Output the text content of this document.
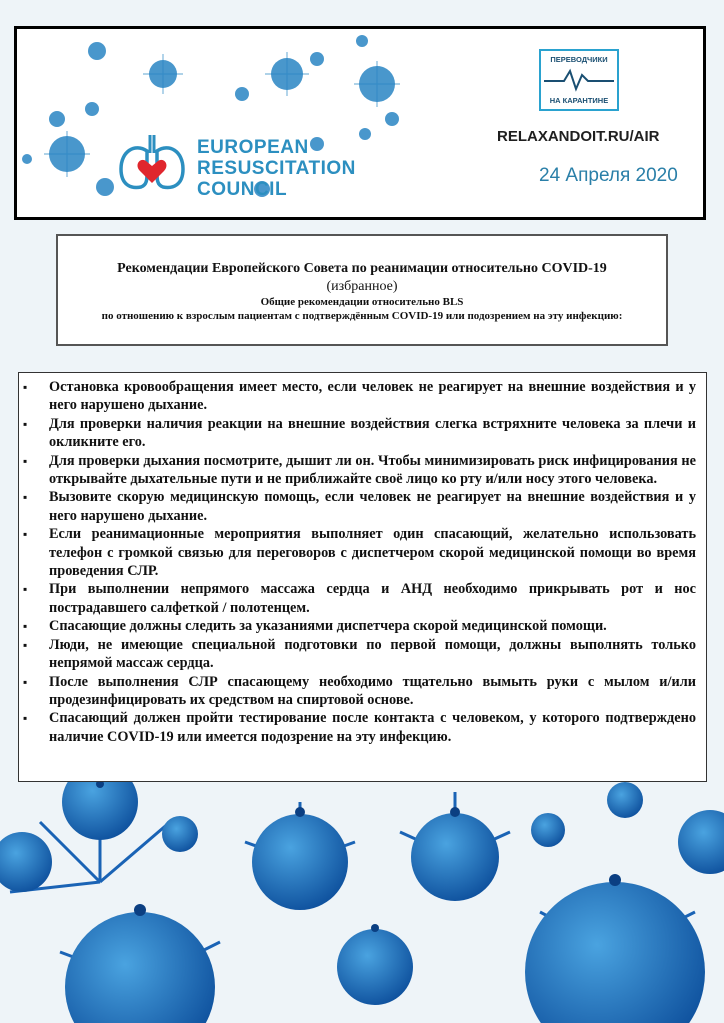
EUROPEAN
RESUSCITATION
COUNCIL
ПЕРЕВОДЧИКИ
НА КАРАНТИНЕ
RELAXANDOIT.RU/AIR
24 Апреля 2020
Рекомендации Европейского Совета по реанимации относительно COVID-19
(избранное)
Общие рекомендации относительно BLS
по отношению к взрослым пациентам с подтверждённым COVID-19 или подозрением на эту инфекцию:
▪ Остановка кровообращения имеет место, если человек не реагирует на внешние воздействия и у него нарушено дыхание.
▪ Для проверки наличия реакции на внешние воздействия слегка встряхните человека за плечи и окликните его.
▪ Для проверки дыхания посмотрите, дышит ли он. Чтобы минимизировать риск инфицирования не открывайте дыхательные пути и не приближайте своё лицо ко рту и/или носу этого человека.
▪ Вызовите скорую медицинскую помощь, если человек не реагирует на внешние воздействия и у него нарушено дыхание.
▪ Если реанимационные мероприятия выполняет один спасающий, желательно использовать телефон с громкой связью для переговоров с диспетчером скорой медицинской помощи во время проведения СЛР.
▪ При выполнении непрямого массажа сердца и АНД необходимо прикрывать рот и нос пострадавшего салфеткой / полотенцем.
▪ Спасающие должны следить за указаниями диспетчера скорой медицинской помощи.
▪ Люди, не имеющие специальной подготовки по первой помощи, должны выполнять только непрямой массаж сердца.
▪ После выполнения СЛР спасающему необходимо тщательно вымыть руки с мылом и/или продезинфицировать их средством на спиртовой основе.
▪ Спасающий должен пройти тестирование после контакта с человеком, у которого подтверждено наличие COVID-19 или имеется подозрение на эту инфекцию.
